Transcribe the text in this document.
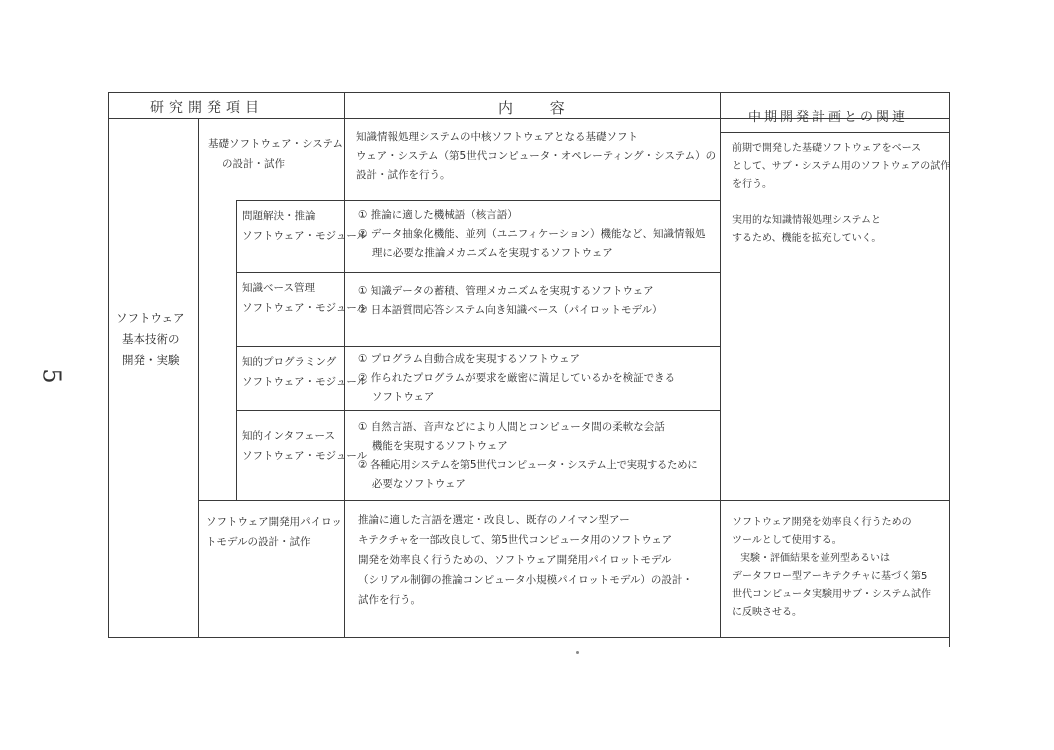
5
研究開発項目	内 容
中期開発計画との関連
ソフトウェア
基本技術の
開発・実験
基礎ソフトウェア・システム
の設計・試作
知識情報処理システムの中核ソフトウェアとなる基礎ソフト
ウェア・システム（第5世代コンピュータ・オペレーティング・システム）の
設計・試作を行う。
前期で開発した基礎ソフトウェアをベース
として、サブ・システム用のソフトウェアの試作
を行う。
実用的な知識情報処理システムと
するため、機能を拡充していく。
問題解決・推論
ソフトウェア・モジュール
① 推論に適した機械語（核言語）
② データ抽象化機能、並列（ユニフィケーション）機能など、知識情報処
　 理に必要な推論メカニズムを実現するソフトウェア
知識ベース管理
ソフトウェア・モジュール
① 知識データの蓄積、管理メカニズムを実現するソフトウェア
② 日本語質問応答システム向き知識ベース（パイロットモデル）
知的プログラミング
ソフトウェア・モジュール
① プログラム自動合成を実現するソフトウェア
② 作られたプログラムが要求を厳密に満足しているかを検証できる
　 ソフトウェア
知的インタフェース
ソフトウェア・モジュール
① 自然言語、音声などにより人間とコンピュータ間の柔軟な会話
　 機能を実現するソフトウェア
② 各種応用システムを第5世代コンピュータ・システム上で実現するために
　 必要なソフトウェア
ソフトウェア開発用パイロッ
トモデルの設計・試作
推論に適した言語を選定・改良し、既存のノイマン型アー
キテクチャを一部改良して、第5世代コンピュータ用のソフトウェア
開発を効率良く行うための、ソフトウェア開発用パイロットモデル
（シリアル制御の推論コンピュータ小規模パイロットモデル）の設計・
試作を行う。
ソフトウェア開発を効率良く行うための
ツールとして使用する。
実験・評価結果を並列型あるいは
データフロー型アーキテクチャに基づく第5
世代コンピュータ実験用サブ・システム試作
に反映させる。
